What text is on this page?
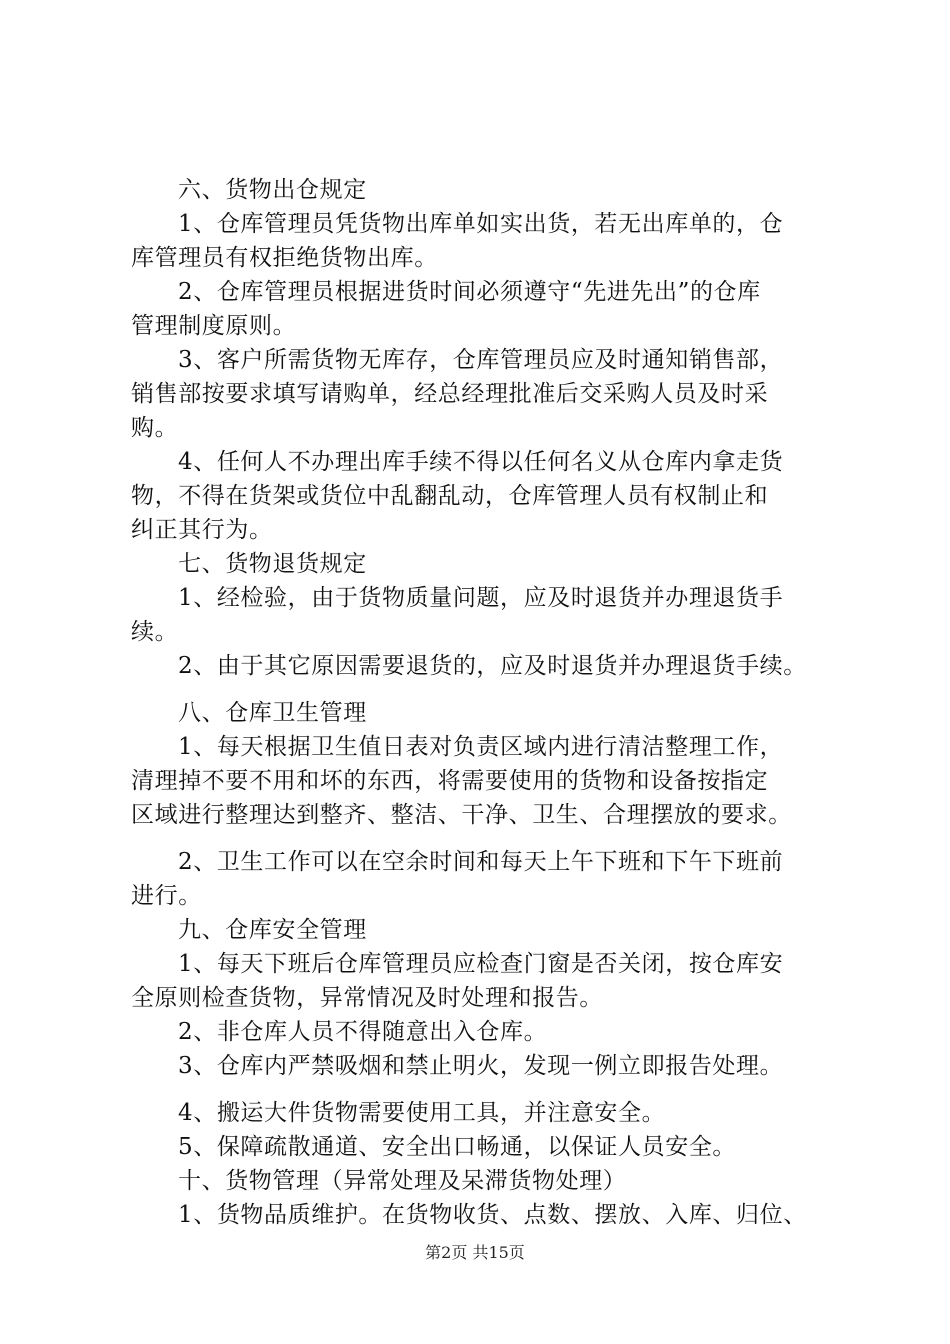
六、货物出仓规定
1、仓库管理员凭货物出库单如实出货，若无出库单的，仓
库管理员有权拒绝货物出库。
2、仓库管理员根据进货时间必须遵守“先进先出”的仓库
管理制度原则。
3、客户所需货物无库存，仓库管理员应及时通知销售部，
销售部按要求填写请购单，经总经理批准后交采购人员及时采
购。
4、任何人不办理出库手续不得以任何名义从仓库内拿走货
物，不得在货架或货位中乱翻乱动，仓库管理人员有权制止和
纠正其行为。
七、货物退货规定
1、经检验，由于货物质量问题，应及时退货并办理退货手
续。
2、由于其它原因需要退货的，应及时退货并办理退货手续。
八、仓库卫生管理
1、每天根据卫生值日表对负责区域内进行清洁整理工作，
清理掉不要不用和坏的东西，将需要使用的货物和设备按指定
区域进行整理达到整齐、整洁、干净、卫生、合理摆放的要求。
2、卫生工作可以在空余时间和每天上午下班和下午下班前
进行。
九、仓库安全管理
1、每天下班后仓库管理员应检查门窗是否关闭，按仓库安
全原则检查货物，异常情况及时处理和报告。
2、非仓库人员不得随意出入仓库。
3、仓库内严禁吸烟和禁止明火，发现一例立即报告处理。
4、搬运大件货物需要使用工具，并注意安全。
5、保障疏散通道、安全出口畅通，以保证人员安全。
十、货物管理（异常处理及呆滞货物处理）
1、货物品质维护。在货物收货、点数、摆放、入库、归位、
第2页 共15页
